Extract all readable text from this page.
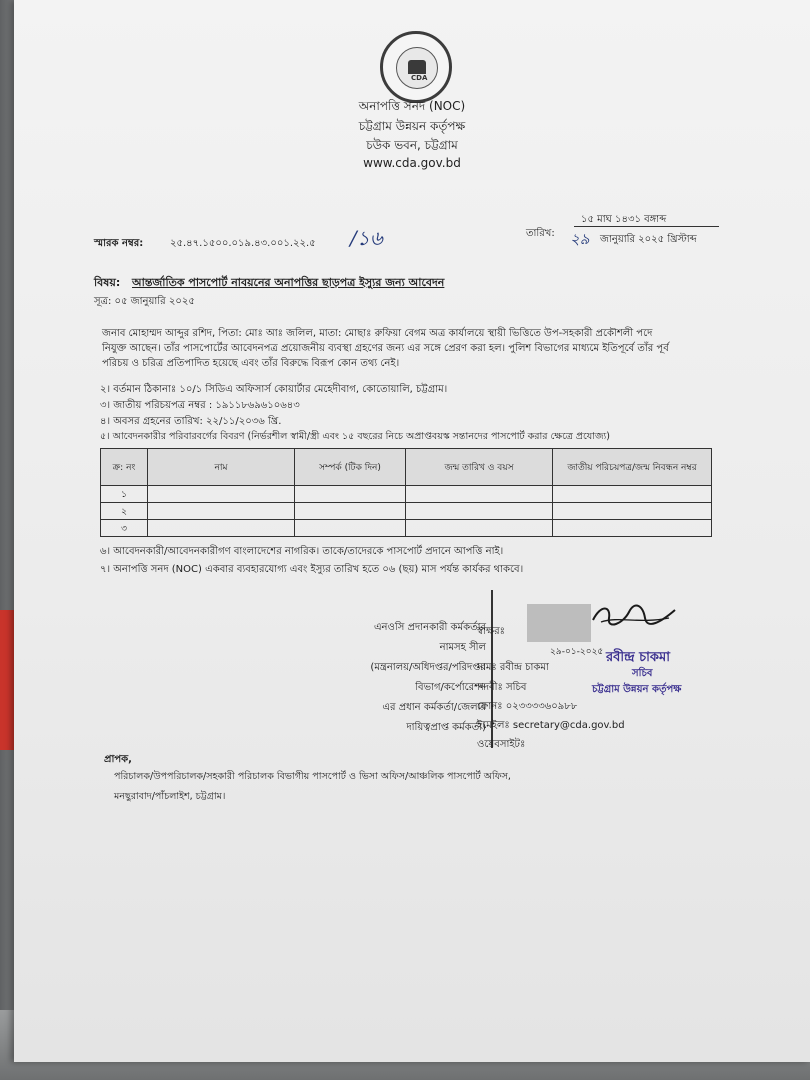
CDA
অনাপত্তি সনদ (NOC)
চট্টগ্রাম উন্নয়ন কর্তৃপক্ষ
চউক ভবন, চট্টগ্রাম
www.cda.gov.bd
স্মারক নম্বর:	২৫.৪৭.১৫০০.০১৯.৪৩.০০১.২২.৫ /১৬
১৫ মাঘ ১৪৩১ বঙ্গাব্দ
তারিখ: ২৯ জানুয়ারি ২০২৫ খ্রিস্টাব্দ
বিষয়: আন্তর্জাতিক পাসপোর্ট নাবয়নের অনাপত্তির ছাড়পত্র ইস্যুর জন্য আবেদন
সূত্র: ০৫ জানুয়ারি ২০২৫
জনাব মোহাম্মদ আব্দুর রশিদ, পিতা: মোঃ আঃ জলিল, মাতা: মোছাঃ রুফিয়া বেগম অত্র কার্যালয়ে স্থায়ী ভিত্তিতে উপ-সহকারী প্রকৌশলী পদে
নিযুক্ত আছেন। তাঁর পাসপোর্টের আবেদনপত্র প্রয়োজনীয় ব্যবস্থা গ্রহণের জন্য এর সঙ্গে প্রেরণ করা হল। পুলিশ বিভাগের মাধ্যমে ইতিপূর্বে তাঁর পূর্ব
পরিচয় ও চরিত্র প্রতিপাদিত হয়েছে এবং তাঁর বিরুদ্ধে বিরূপ কোন তথ্য নেই।
২। বর্তমান ঠিকানাঃ ১০/১ সিডিএ অফিসার্স কোয়ার্টার মেহেদীবাগ, কোতোয়ালি, চট্টগ্রাম।
৩। জাতীয় পরিচয়পত্র নম্বর : ১৯১১৮৬৯৬১০৬৪৩
৪। অবসর গ্রহনের তারিখ: ২২/১১/২০৩৬ খ্রি.
৫। আবেদনকারীর পরিবারবর্গের বিবরণ (নির্ভরশীল স্বামী/স্ত্রী এবং ১৫ বছরের নিচে অপ্রাপ্তবয়স্ক সন্তানদের পাসপোর্ট করার ক্ষেত্রে প্রযোজ্য)
ক্র: নং	নাম	সম্পর্ক (টিক দিন)	জন্ম তারিখ ও বয়স	জাতীয় পরিচয়পত্র/জন্ম নিবন্ধন নম্বর
১				
২				
৩				
৬। আবেদনকারী/আবেদনকারীগণ বাংলাদেশের নাগরিক। তাকে/তাদেরকে পাসপোর্ট প্রদানে আপত্তি নাই।
৭। অনাপত্তি সনদ (NOC) একবার ব্যবহারযোগ্য এবং ইস্যুর তারিখ হতে ০৬ (ছয়) মাস পর্যন্ত কার্যকর থাকবে।
এনওসি প্রদানকারী কর্মকর্তার
নামসহ সীল
(মন্ত্রনালয়/অধিদপ্তর/পরিদপ্তর
বিভাগ/কর্পোরেশন
এর প্রধান কর্মকর্তা/জেলার
দায়িত্বপ্রাপ্ত কর্মকর্তা)
স্বাক্ষরঃ
২৯-০১-২০২৫
নামঃ রবীন্দ্র চাকমা
পদবীঃ সচিব
ফোনঃ ০২৩৩৩৩৬০৯৮৮
ইমেইলঃ secretary@cda.gov.bd
ওয়েবসাইটঃ
রবীন্দ্র চাকমা
সচিব
চট্টগ্রাম উন্নয়ন কর্তৃপক্ষ
প্রাপক,
পরিচালক/উপপরিচালক/সহকারী পরিচালক বিভাগীয় পাসপোর্ট ও ভিসা অফিস/আঞ্চলিক পাসপোর্ট অফিস,
মনছুরাবাদ/পাঁচলাইশ, চট্টগ্রাম।
